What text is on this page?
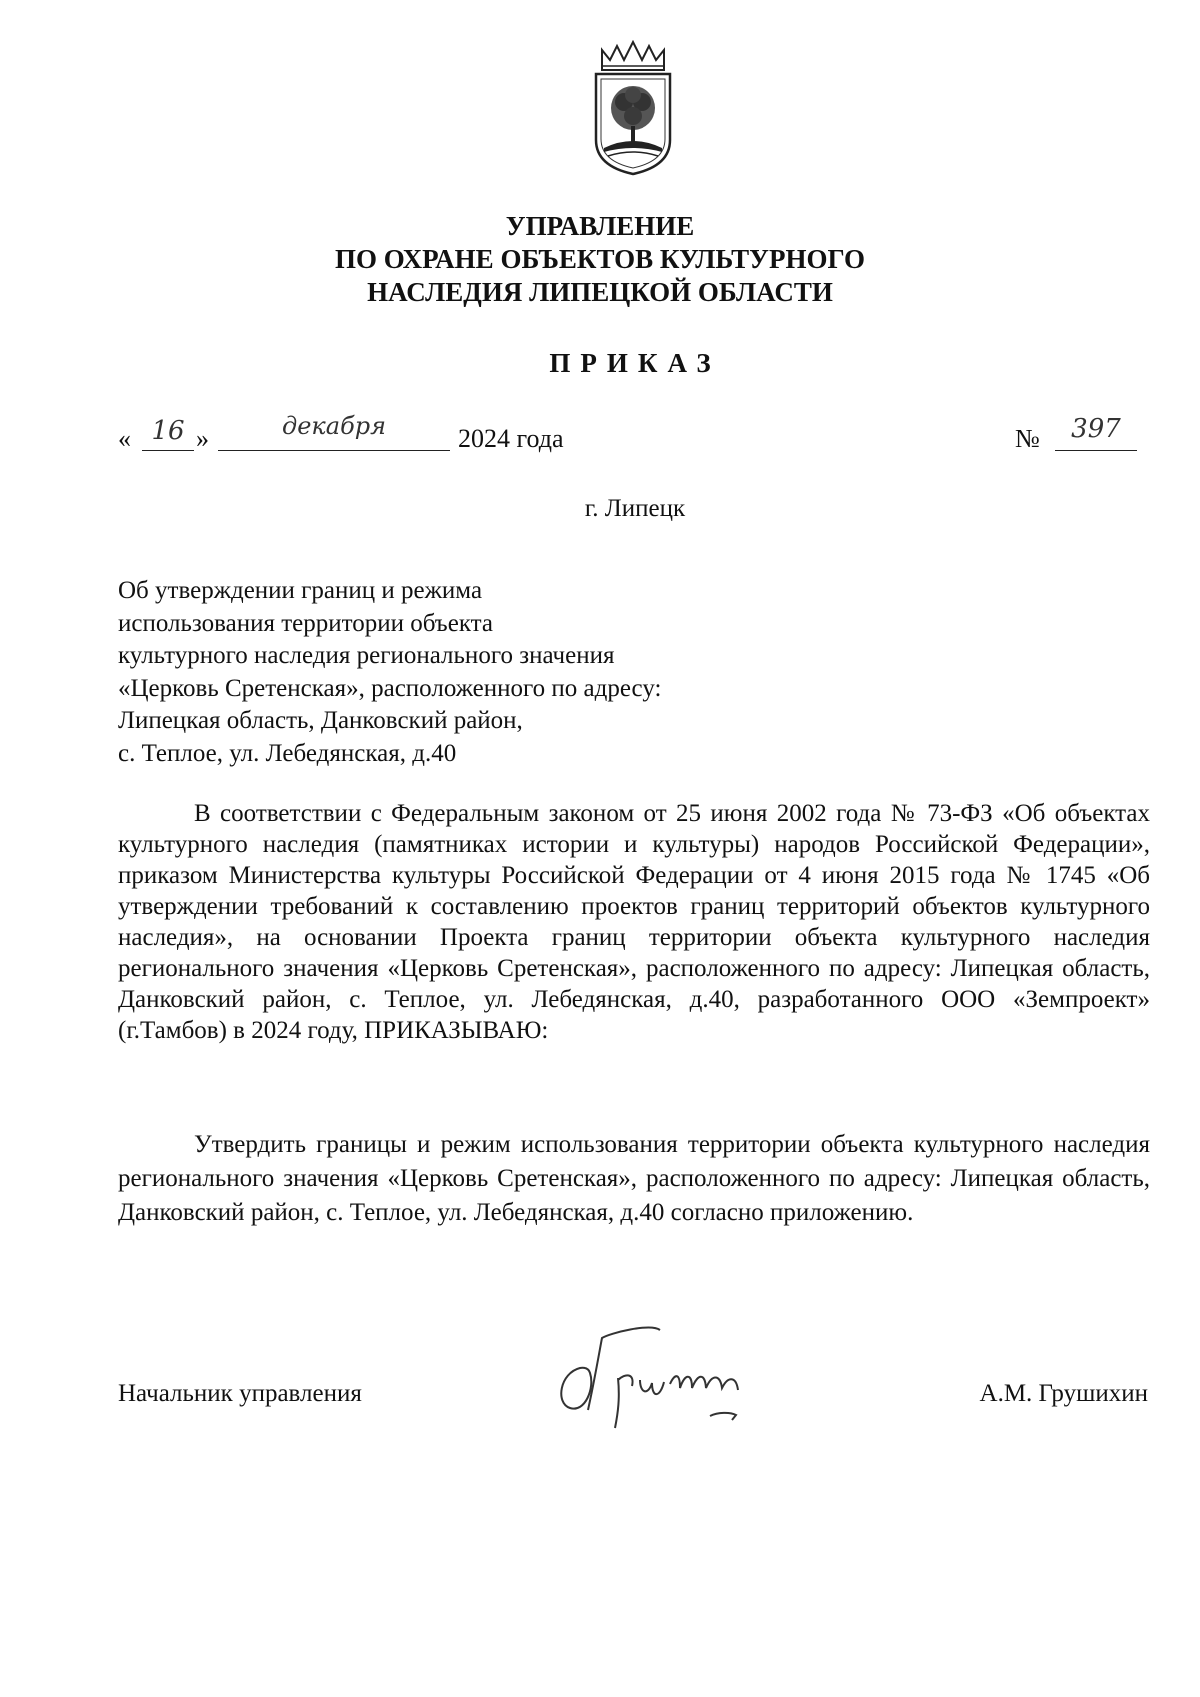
УПРАВЛЕНИЕ
ПО ОХРАНЕ ОБЪЕКТОВ КУЛЬТУРНОГО
НАСЛЕДИЯ ЛИПЕЦКОЙ ОБЛАСТИ
ПРИКАЗ
« 16 »	декабря	2024 года	№	397
г. Липецк
Об утверждении границ и режима
использования территории объекта
культурного наследия регионального значения
«Церковь Сретенская», расположенного по адресу:
Липецкая область, Данковский район,
с. Теплое, ул. Лебедянская, д.40

В соответствии с Федеральным законом от 25 июня 2002 года № 73-ФЗ «Об объектах культурного наследия (памятниках истории и культуры) народов Российской Федерации», приказом Министерства культуры Российской Федерации от 4 июня 2015 года № 1745 «Об утверждении требований к составлению проектов границ территорий объектов культурного наследия», на основании Проекта границ территории объекта культурного наследия регионального значения «Церковь Сретенская», расположенного по адресу: Липецкая область, Данковский район, с. Теплое, ул. Лебедянская, д.40, разработанного ООО «Земпроект» (г.Тамбов) в 2024 году, ПРИКАЗЫВАЮ:

Утвердить границы и режим использования территории объекта культурного наследия регионального значения «Церковь Сретенская», расположенного по адресу: Липецкая область, Данковский район, с. Теплое, ул. Лебедянская, д.40 согласно приложению.

Начальник управления	А.М. Грушихин
